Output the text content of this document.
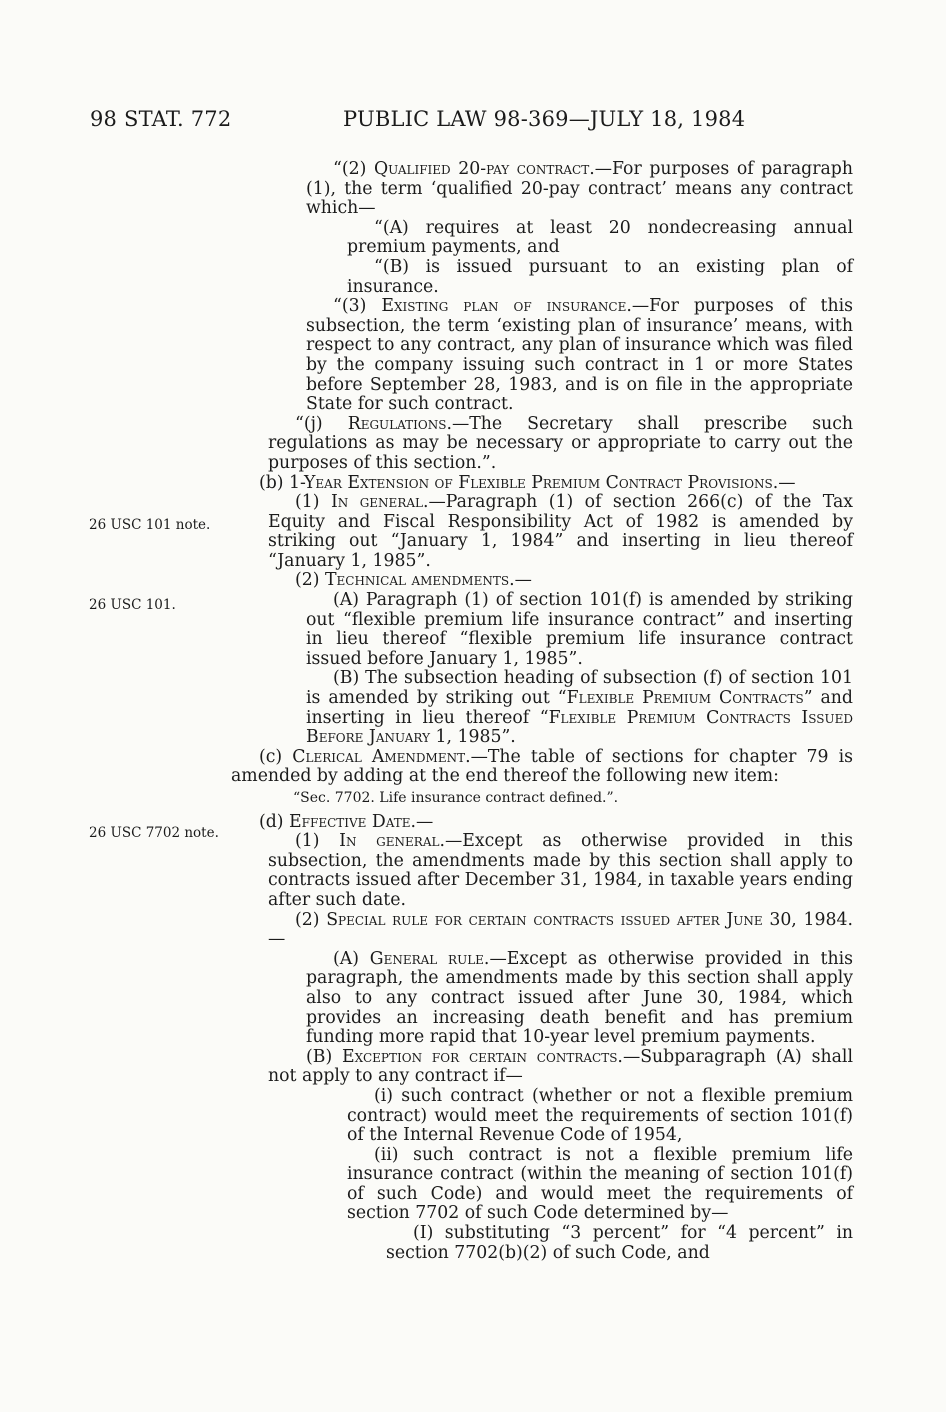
98 STAT. 772	PUBLIC LAW 98-369—JULY 18, 1984
26 USC 101 note.
26 USC 101.
26 USC 7702 note.

“(2) Qualified 20-pay contract.—For purposes of paragraph (1), the term ‘qualified 20-pay contract’ means any contract which—

“(A) requires at least 20 nondecreasing annual premium payments, and

“(B) is issued pursuant to an existing plan of insurance.

“(3) Existing plan of insurance.—For purposes of this subsection, the term ‘existing plan of insurance’ means, with respect to any contract, any plan of insurance which was filed by the company issuing such contract in 1 or more States before September 28, 1983, and is on file in the appropriate State for such contract.

“(j) Regulations.—The Secretary shall prescribe such regulations as may be necessary or appropriate to carry out the purposes of this section.”.

(b) 1-Year Extension of Flexible Premium Contract Provisions.—

(1) In general.—Paragraph (1) of section 266(c) of the Tax Equity and Fiscal Responsibility Act of 1982 is amended by striking out “January 1, 1984” and inserting in lieu thereof “January 1, 1985”.

(2) Technical amendments.—

(A) Paragraph (1) of section 101(f) is amended by striking out “flexible premium life insurance contract” and inserting in lieu thereof “flexible premium life insurance contract issued before January 1, 1985”.

(B) The subsection heading of subsection (f) of section 101 is amended by striking out “Flexible Premium Contracts” and inserting in lieu thereof “Flexible Premium Contracts Issued Before January 1, 1985”.

(c) Clerical Amendment.—The table of sections for chapter 79 is amended by adding at the end thereof the following new item:

“Sec. 7702. Life insurance contract defined.”.

(d) Effective Date.—

(1) In general.—Except as otherwise provided in this subsection, the amendments made by this section shall apply to contracts issued after December 31, 1984, in taxable years ending after such date.

(2) Special rule for certain contracts issued after June 30, 1984.—

(A) General rule.—Except as otherwise provided in this paragraph, the amendments made by this section shall apply also to any contract issued after June 30, 1984, which provides an increasing death benefit and has premium funding more rapid that 10-year level premium payments.

(B) Exception for certain contracts.—Subparagraph (A) shall not apply to any contract if—

(i) such contract (whether or not a flexible premium contract) would meet the requirements of section 101(f) of the Internal Revenue Code of 1954,

(ii) such contract is not a flexible premium life insurance contract (within the meaning of section 101(f) of such Code) and would meet the requirements of section 7702 of such Code determined by—

(I) substituting “3 percent” for “4 percent” in section 7702(b)(2) of such Code, and
